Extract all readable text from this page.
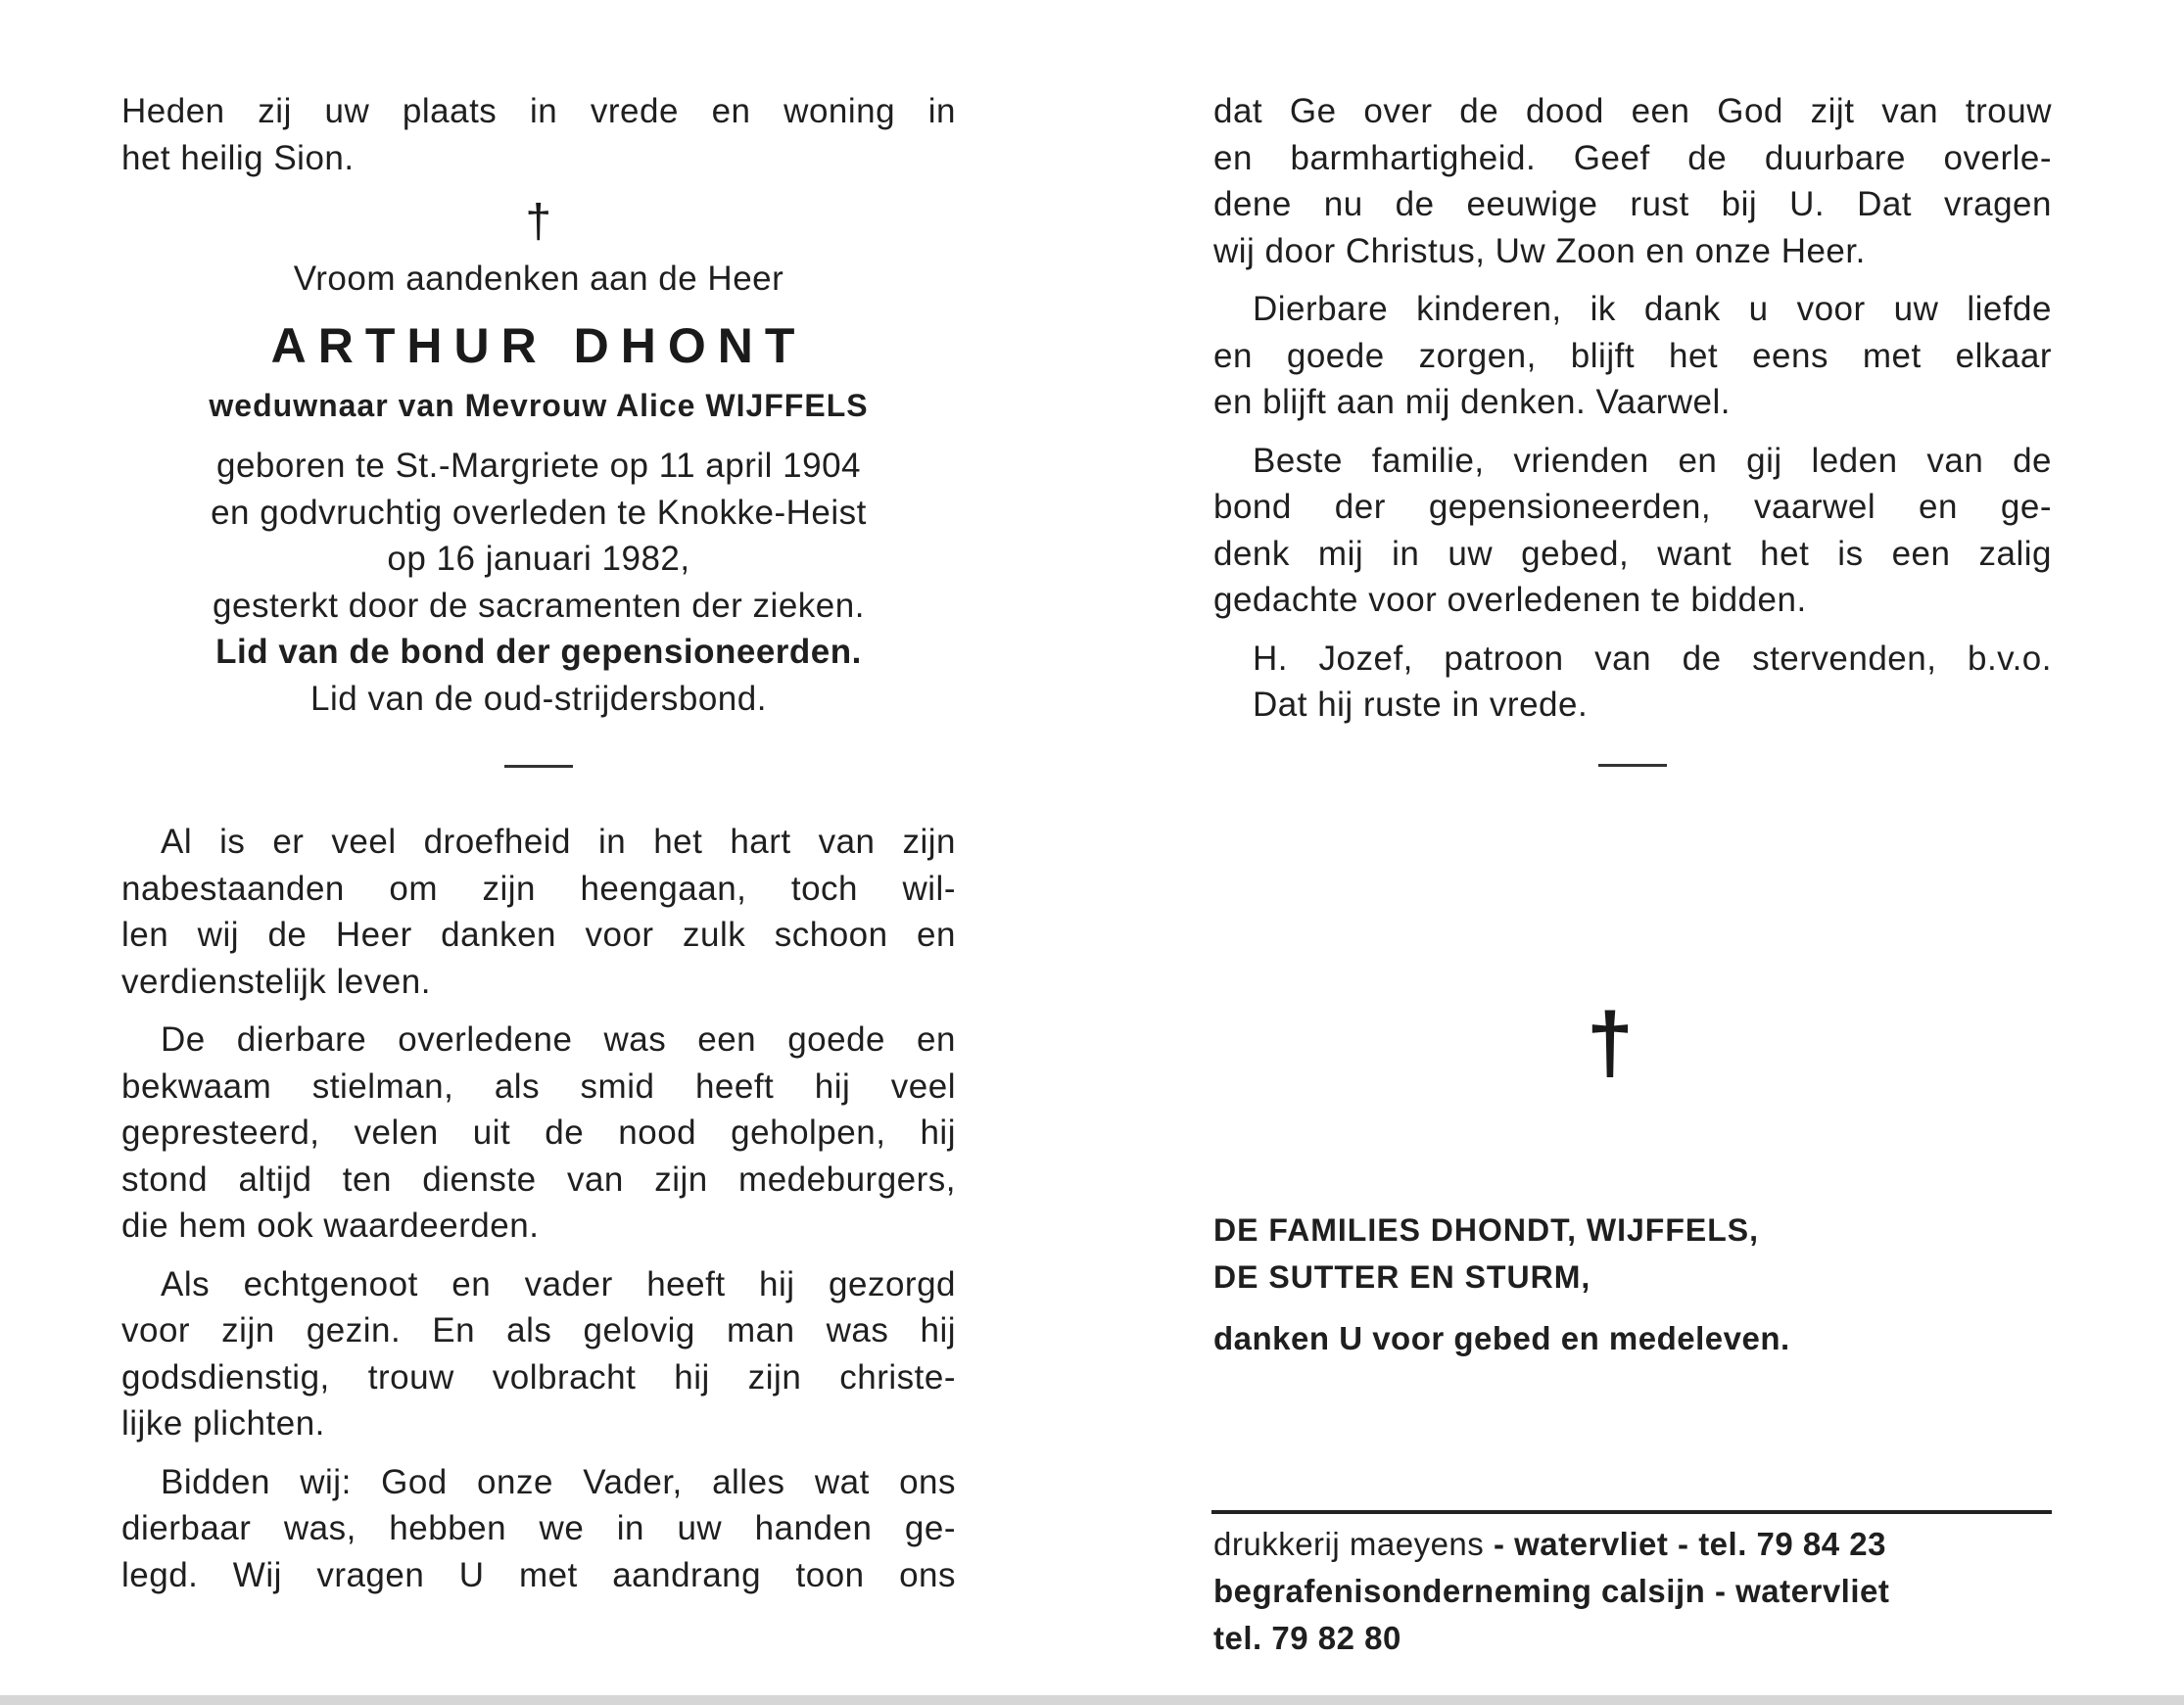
Heden zij uw plaats in vrede en woning in

het heilig Sion.

†

Vroom aandenken aan de Heer

ARTHUR DHONT

weduwnaar van Mevrouw Alice WIJFFELS

geboren te St.-Margriete op 11 april 1904

en godvruchtig overleden te Knokke-Heist

op 16 januari 1982,

gesterkt door de sacramenten der zieken.

Lid van de bond der gepensioneerden.

Lid van de oud-strijdersbond.

Al is er veel droefheid in het hart van zijn

nabestaanden om zijn heengaan, toch wil-

len wij de Heer danken voor zulk schoon en

verdienstelijk leven.

De dierbare overledene was een goede en

bekwaam stielman, als smid heeft hij veel

gepresteerd, velen uit de nood geholpen, hij

stond altijd ten dienste van zijn medeburgers,

die hem ook waardeerden.

Als echtgenoot en vader heeft hij gezorgd

voor zijn gezin. En als gelovig man was hij

godsdienstig, trouw volbracht hij zijn christe-

lijke plichten.

Bidden wij: God onze Vader, alles wat ons

dierbaar was, hebben we in uw handen ge-

legd. Wij vragen U met aandrang toon ons

dat Ge over de dood een God zijt van trouw

en barmhartigheid. Geef de duurbare overle-

dene nu de eeuwige rust bij U. Dat vragen

wij door Christus, Uw Zoon en onze Heer.

Dierbare kinderen, ik dank u voor uw liefde

en goede zorgen, blijft het eens met elkaar

en blijft aan mij denken. Vaarwel.

Beste familie, vrienden en gij leden van de

bond der gepensioneerden, vaarwel en ge-

denk mij in uw gebed, want het is een zalig

gedachte voor overledenen te bidden.

H. Jozef, patroon van de stervenden, b.v.o.

Dat hij ruste in vrede.

†

DE FAMILIES DHONDT, WIJFFELS,

DE SUTTER EN STURM,

danken U voor gebed en medeleven.

drukkerij maeyens - watervliet - tel. 79 84 23

begrafenisonderneming calsijn - watervliet

tel. 79 82 80
